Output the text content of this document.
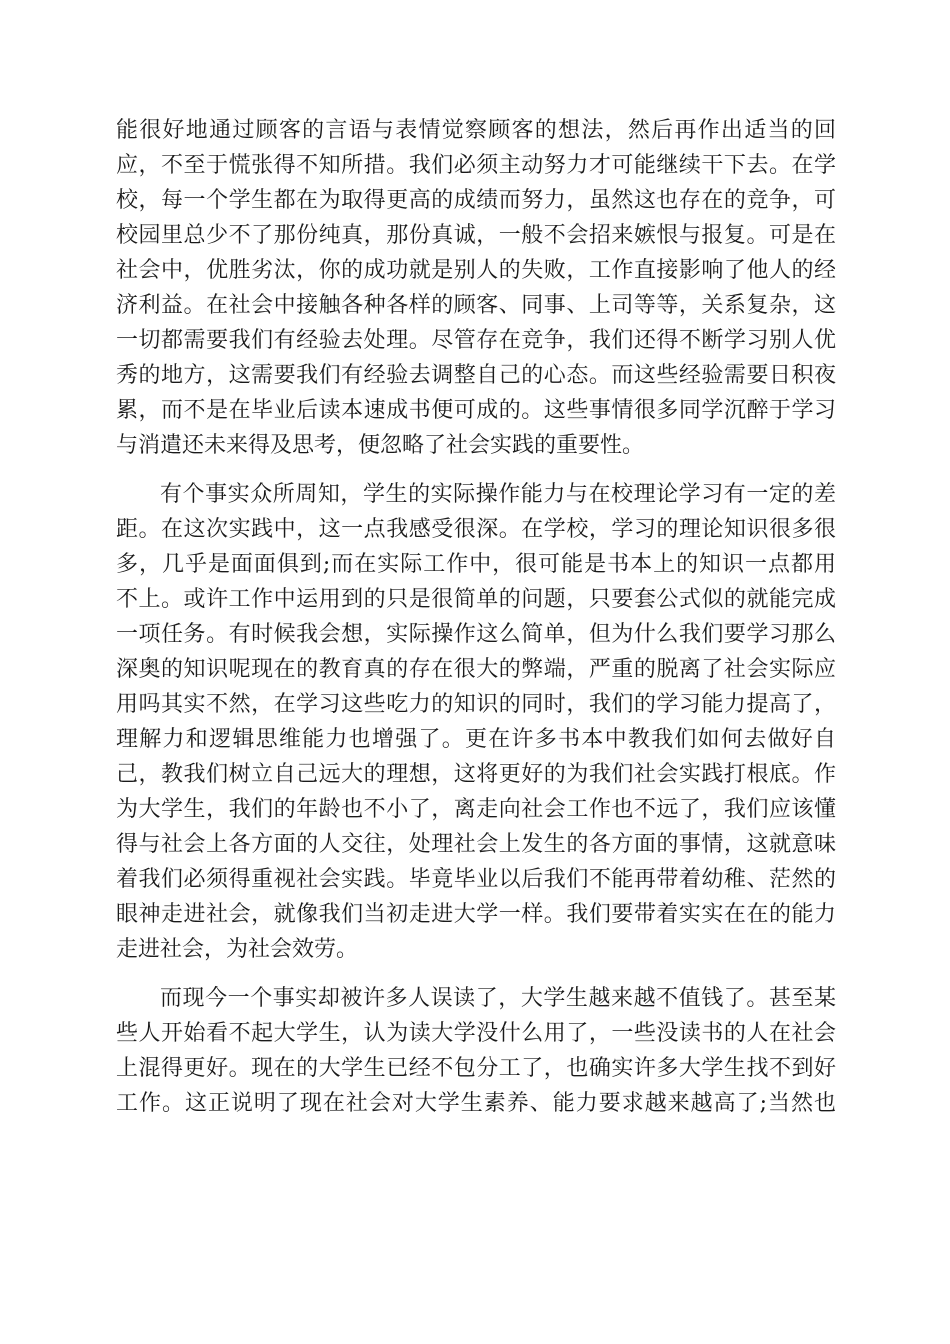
能很好地通过顾客的言语与表情觉察顾客的想法，然后再作出适当的回
应，不至于慌张得不知所措。我们必须主动努力才可能继续干下去。在学
校，每一个学生都在为取得更高的成绩而努力，虽然这也存在的竞争，可
校园里总少不了那份纯真，那份真诚，一般不会招来嫉恨与报复。可是在
社会中，优胜劣汰，你的成功就是别人的失败，工作直接影响了他人的经
济利益。在社会中接触各种各样的顾客、同事、上司等等，关系复杂，这
一切都需要我们有经验去处理。尽管存在竞争，我们还得不断学习别人优
秀的地方，这需要我们有经验去调整自己的心态。而这些经验需要日积夜
累，而不是在毕业后读本速成书便可成的。这些事情很多同学沉醉于学习
与消遣还未来得及思考，便忽略了社会实践的重要性。
有个事实众所周知，学生的实际操作能力与在校理论学习有一定的差
距。在这次实践中，这一点我感受很深。在学校，学习的理论知识很多很
多，几乎是面面俱到;而在实际工作中，很可能是书本上的知识一点都用
不上。或许工作中运用到的只是很简单的问题，只要套公式似的就能完成
一项任务。有时候我会想，实际操作这么简单，但为什么我们要学习那么
深奥的知识呢现在的教育真的存在很大的弊端，严重的脱离了社会实际应
用吗其实不然，在学习这些吃力的知识的同时，我们的学习能力提高了，
理解力和逻辑思维能力也增强了。更在许多书本中教我们如何去做好自
己，教我们树立自己远大的理想，这将更好的为我们社会实践打根底。作
为大学生，我们的年龄也不小了，离走向社会工作也不远了，我们应该懂
得与社会上各方面的人交往，处理社会上发生的各方面的事情，这就意味
着我们必须得重视社会实践。毕竟毕业以后我们不能再带着幼稚、茫然的
眼神走进社会，就像我们当初走进大学一样。我们要带着实实在在的能力
走进社会，为社会效劳。
而现今一个事实却被许多人误读了，大学生越来越不值钱了。甚至某
些人开始看不起大学生，认为读大学没什么用了，一些没读书的人在社会
上混得更好。现在的大学生已经不包分工了，也确实许多大学生找不到好
工作。这正说明了现在社会对大学生素养、能力要求越来越高了;当然也
